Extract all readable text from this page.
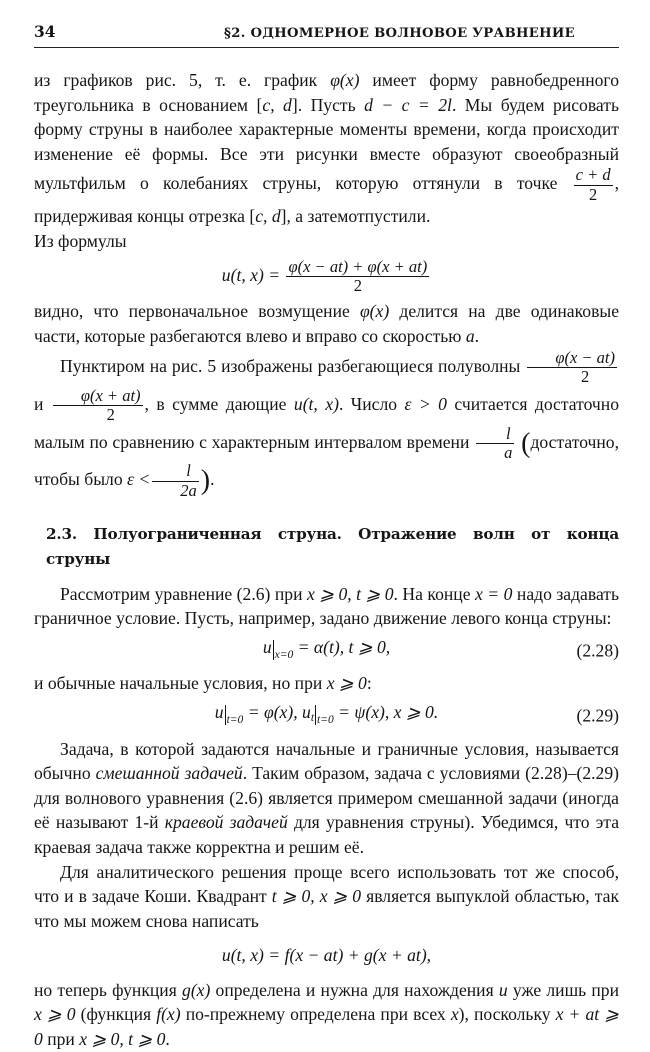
34	§2. ОДНОМЕРНОЕ ВОЛНОВОЕ УРАВНЕНИЕ

из графиков рис. 5, т. е. график φ(x) имеет форму равнобедренного треугольника в основанием [c, d]. Пусть d − c = 2l. Мы будем рисовать форму струны в наиболее характерные моменты времени, когда происходит изменение её формы. Все эти рисунки вместе образуют своеобразный мультфильм о колебаниях струны, которую оттянули в точке $\frac{c + d}{2}$ , придерживая концы отрезка [c, d], а затемотпустили.
Из формулы

u(t, $x) = \frac{\varphi(x - at) + \varphi(x + at)}{2}$

видно, что первоначальное возмущение φ(x) делится на две одинаковые части, которые разбегаются влево и вправо со скоростью a.

Пунктиром на рис. 5 изображены разбегающиеся полуволны $\frac{\varphi(x - at)}{2}$
и $\frac{\varphi(x + at)}{2}$ , в сумме дающие u(t, x). Число ε > 0 считается достаточно малым по сравнению с характерным интервалом времени $\frac{l}{a}$ (достаточно, чтобы было $\varepsilon < \frac{l}{2a}$ ).

2.3. Полуограниченная струна. Отражение волн от конца струны

Рассмотрим уравнение (2.6) при x ⩾ 0, t ⩾ 0. На конце x = 0 надо задавать граничное условие. Пусть, например, задано движение левого конца струны:

u $_{x=0}$ = α(t), t ⩾ 0,	(2.28)

и обычные начальные условия, но при x ⩾ 0:

u $_{t=0}$ = φ(x), $u_t$ $_{t=0}$ = ψ(x), x ⩾ 0.	(2.29)

Задача, в которой задаются начальные и граничные условия, называется обычно смешанной задачей. Таким образом, задача с условиями (2.28)–(2.29) для волнового уравнения (2.6) является примером смешанной задачи (иногда её называют 1-й краевой задачей для уравнения струны). Убедимся, что эта краевая задача также корректна и решим её.

Для аналитического решения проще всего использовать тот же способ, что и в задаче Коши. Квадрант t ⩾ 0, x ⩾ 0 является выпуклой областью, так что мы можем снова написать

u(t, x) = f(x − at) + g(x + at),

но теперь функция g(x) определена и нужна для нахождения u уже лишь при x ⩾ 0 (функция f(x) по-прежнему определена при всех x), поскольку x + at ⩾ 0 при x ⩾ 0, t ⩾ 0.
